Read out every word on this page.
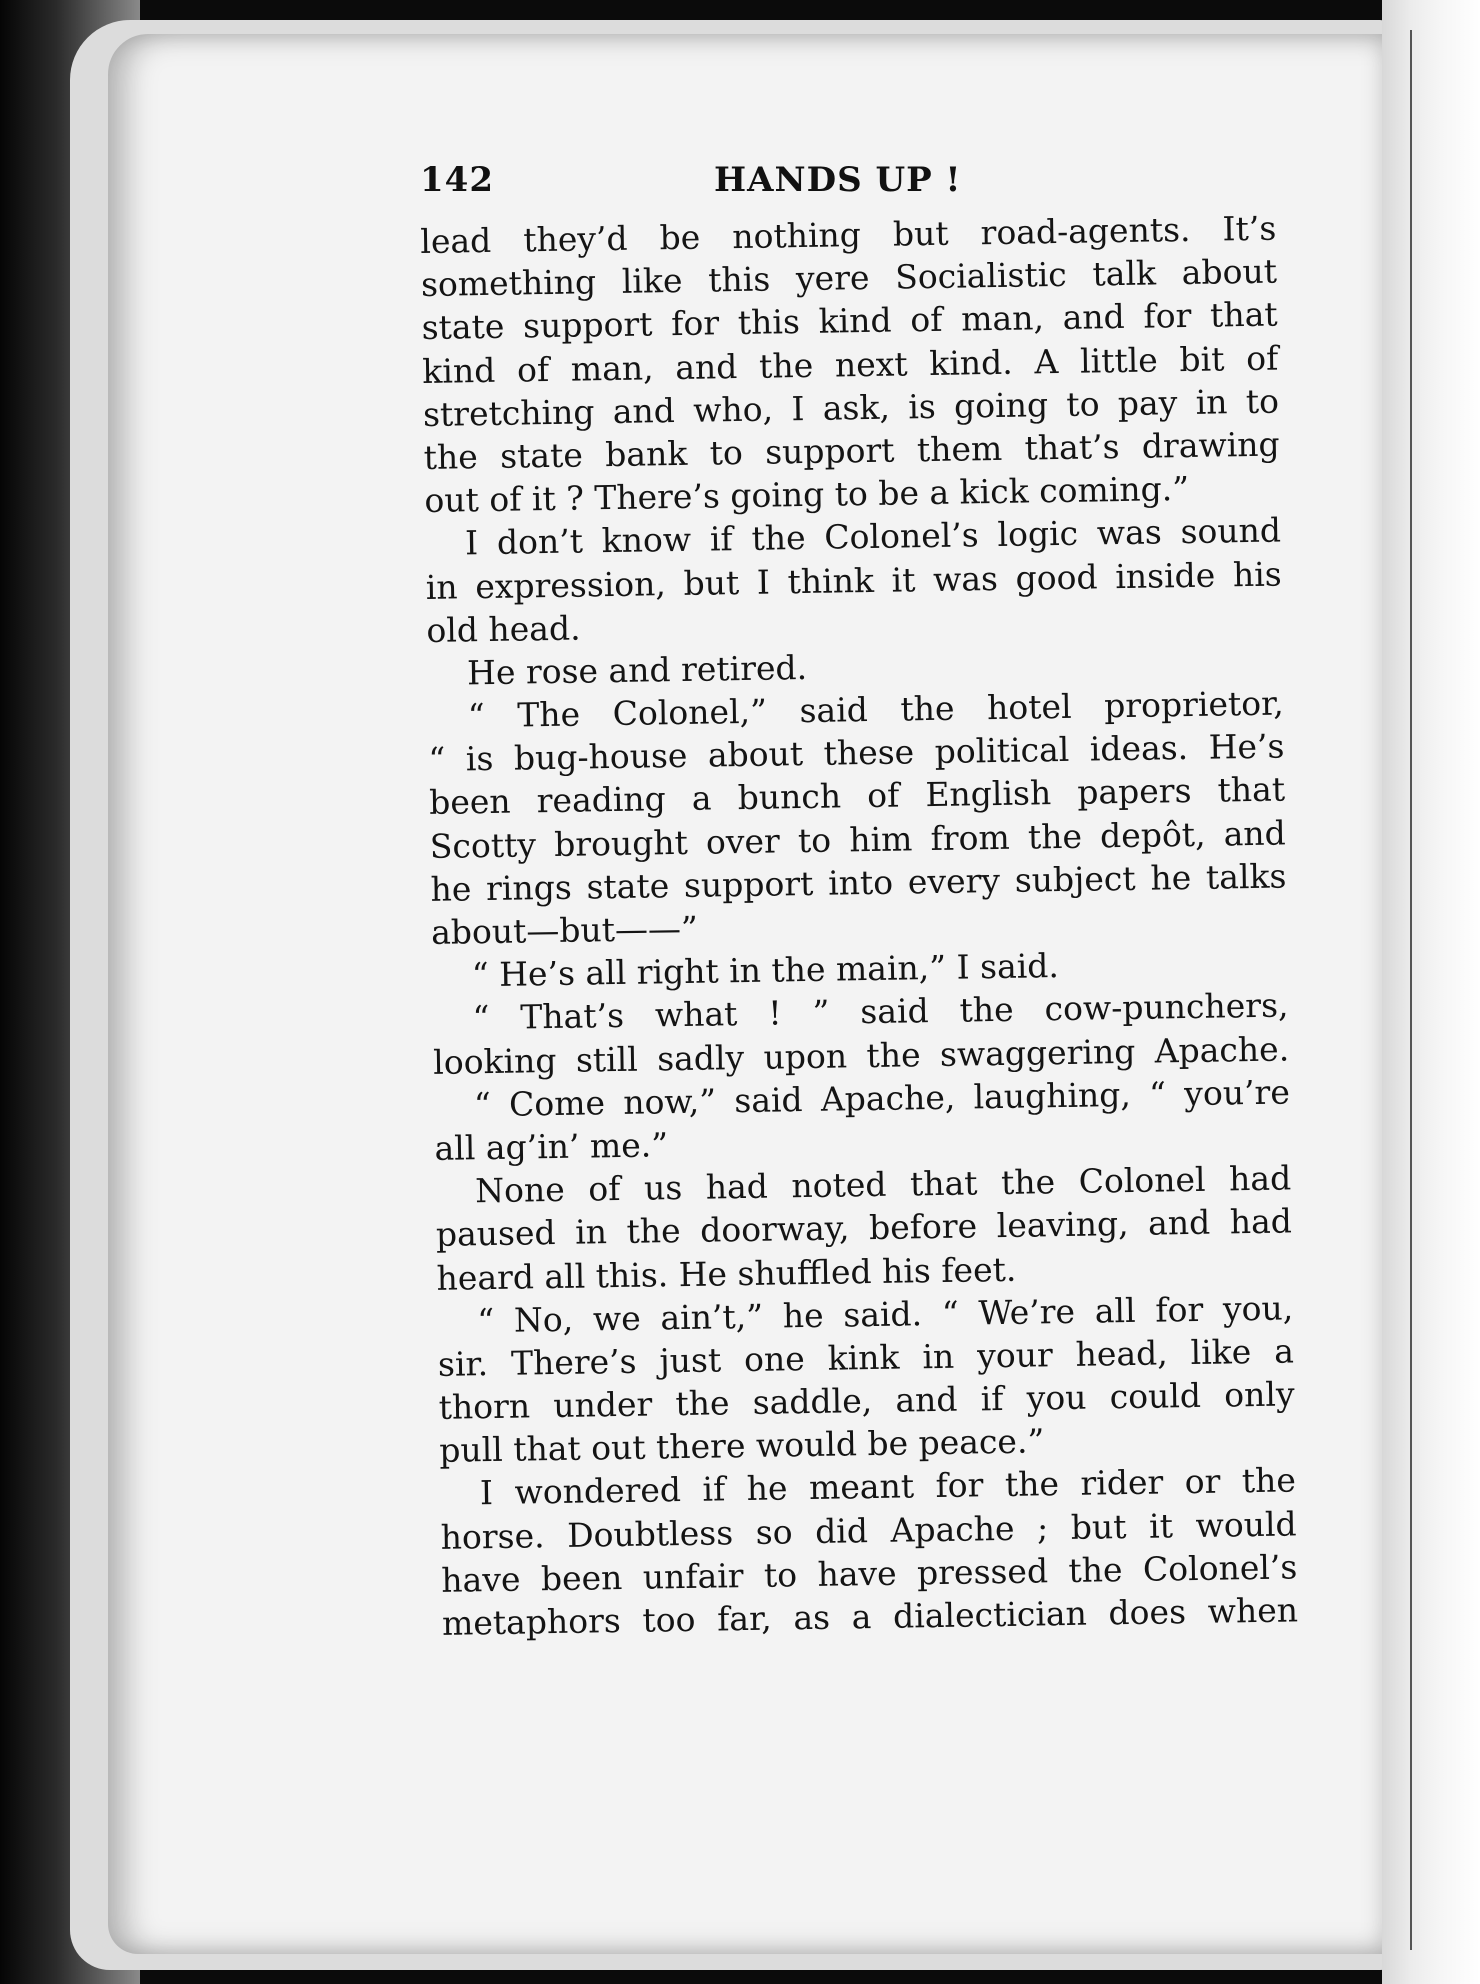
142	HANDS UP !
lead they’d be nothing but road-agents. It’s
something like this yere Socialistic talk about
state support for this kind of man, and for that
kind of man, and the next kind. A little bit of
stretching and who, I ask, is going to pay in to
the state bank to support them that’s drawing
out of it ? There’s going to be a kick coming.”
I don’t know if the Colonel’s logic was sound
in expression, but I think it was good inside his
old head.
He rose and retired.
“ The Colonel,” said the hotel proprietor,
“ is bug-house about these political ideas. He’s
been reading a bunch of English papers that
Scotty brought over to him from the depôt, and
he rings state support into every subject he talks
about—but——”
“ He’s all right in the main,” I said.
“ That’s what ! ” said the cow-punchers,
looking still sadly upon the swaggering Apache.
“ Come now,” said Apache, laughing, “ you’re
all ag’in’ me.”
None of us had noted that the Colonel had
paused in the doorway, before leaving, and had
heard all this. He shuffled his feet.
“ No, we ain’t,” he said. “ We’re all for you,
sir. There’s just one kink in your head, like a
thorn under the saddle, and if you could only
pull that out there would be peace.”
I wondered if he meant for the rider or the
horse. Doubtless so did Apache ; but it would
have been unfair to have pressed the Colonel’s
metaphors too far, as a dialectician does when
